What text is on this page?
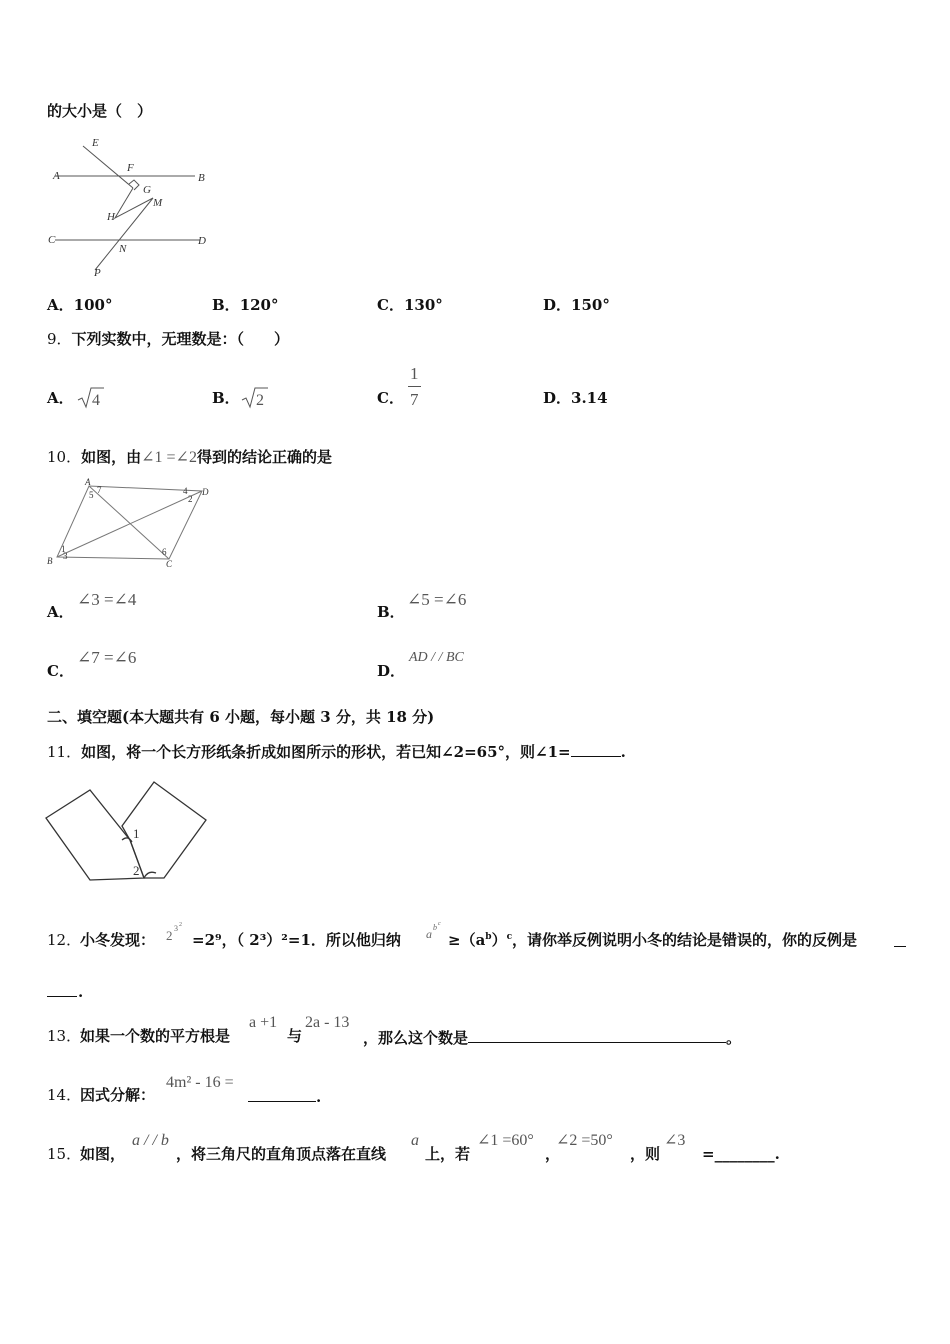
的大小是（　）
E
F
A	B
G
M
H
C
N
D
P
A．100°	B．120°	C．130°	D．150°
9．下列实数中，无理数是：（　　）
A． 4	B． 2	C．
1
7	D．3.14
10．如图，由∠1 =∠2得到的结论正确的是
A
D
B	C
7
5	4
2
1
3	6
A．
∠3 =∠4
B．
∠5 =∠6
C．
∠7 =∠6
D．
AD / / BC
二、填空题(本大题共有 6 小题，每小题 3 分，共 18 分)
11．如图，将一个长方形纸条折成如图所示的形状，若已知∠2=65°，则∠1=	.
1
2
12．
小冬发现： 2 3 2
=2⁹，（ 2³）²=1．所以他归纳 a b c
$\ge(a^b)^c$ ，请你举反例说明小冬的结论是错误的，你的反例是
.
13．
如果一个数的平方根是
a +1
与
2a - 13
，那么这个数是	。
14．
因式分解：
4m² - 16 =
.
15．
如图，
a / / b
，将三角尺的直角顶点落在直线
a
上，若
∠1 =60°
，
∠2 =50°
，则
∠3
=________.
